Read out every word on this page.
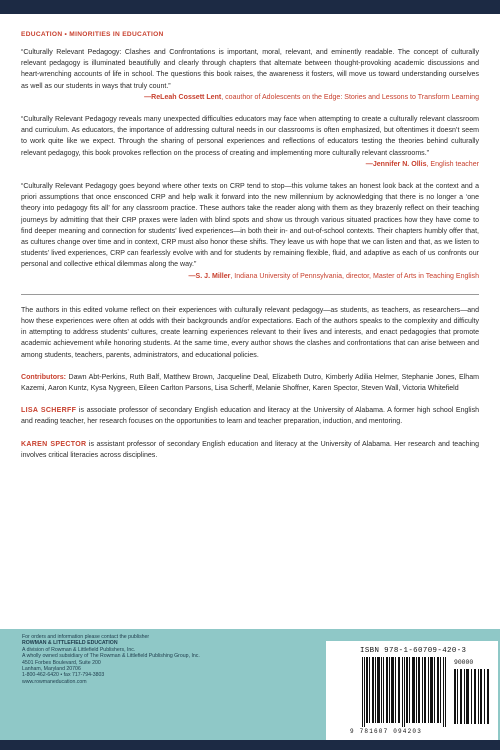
EDUCATION • MINORITIES IN EDUCATION
“Culturally Relevant Pedagogy: Clashes and Confrontations is important, moral, relevant, and eminently readable. The concept of culturally relevant pedagogy is illuminated beautifully and clearly through chapters that alternate between thought-provoking academic discussions and heart-wrenching accounts of life in school. The questions this book raises, the awareness it fosters, will move us toward understanding ourselves as well as our students in ways that truly count.”
—ReLeah Cossett Lent, coauthor of Adolescents on the Edge: Stories and Lessons to Transform Learning
“Culturally Relevant Pedagogy reveals many unexpected difficulties educators may face when attempting to create a culturally relevant classroom and curriculum. As educators, the importance of addressing cultural needs in our classrooms is often emphasized, but oftentimes it doesn’t seem to work quite like we expect. Through the sharing of personal experiences and reflections of educators testing the theories behind culturally relevant pedagogy, this book provokes reflection on the process of creating and implementing more culturally relevant classrooms.”
—Jennifer N. Ollis, English teacher
“Culturally Relevant Pedagogy goes beyond where other texts on CRP tend to stop—this volume takes an honest look back at the context and a priori assumptions that once ensconced CRP and help walk it forward into the new millennium by acknowledging that there is no longer a ‘one theory into pedagogy fits all’ for any classroom practice. These authors take the reader along with them as they brazenly reflect on their teaching journeys by admitting that their CRP praxes were laden with blind spots and show us through various situated practices how they have come to find deeper meaning and connection for students’ lived experiences—in both their in- and out-of-school contexts. Their chapters humbly offer that, as cultures change over time and in context, CRP must also honor these shifts. They leave us with hope that we can listen and that, as we listen to students’ lived experiences, CRP can fearlessly evolve with and for students by remaining flexible, fluid, and adaptive as each of us confronts our personal and collective ethical dilemmas along the way.”
—S. J. Miller, Indiana University of Pennsylvania, director, Master of Arts in Teaching English
The authors in this edited volume reflect on their experiences with culturally relevant pedagogy—as students, as teachers, as researchers—and how these experiences were often at odds with their backgrounds and/or expectations. Each of the authors speaks to the complexity and difficulty in attempting to address students’ cultures, create learning experiences relevant to their lives and interests, and enact pedagogies that promote academic achievement while honoring students. At the same time, every author shows the clashes and confrontations that can arise between and among students, teachers, parents, administrators, and educational policies.
Contributors: Dawn Abt-Perkins, Ruth Balf, Matthew Brown, Jacqueline Deal, Elizabeth Dutro, Kimberly Adilia Helmer, Stephanie Jones, Elham Kazemi, Aaron Kuntz, Kysa Nygreen, Eileen Carlton Parsons, Lisa Scherff, Melanie Shoffner, Karen Spector, Steven Wall, Victoria Whitefield
LISA SCHERFF is associate professor of secondary English education and literacy at the University of Alabama. A former high school English and reading teacher, her research focuses on the opportunities to learn and teacher preparation, induction, and mentoring.
KAREN SPECTOR is assistant professor of secondary English education and literacy at the University of Alabama. Her research and teaching involves critical literacies across disciplines.
For orders and information please contact the publisher
ROWMAN & LITTLEFIELD EDUCATION
A division of Rowman & Littlefield Publishers, Inc.
A wholly owned subsidiary of The Rowman & Littlefield Publishing Group, Inc.
4501 Forbes Boulevard, Suite 200
Lanham, Maryland 20706
1-800-462-6420 • fax 717-794-3803
www.rowmaneducation.com
ISBN 978-1-60709-420-3
90000
9 781607 094203
